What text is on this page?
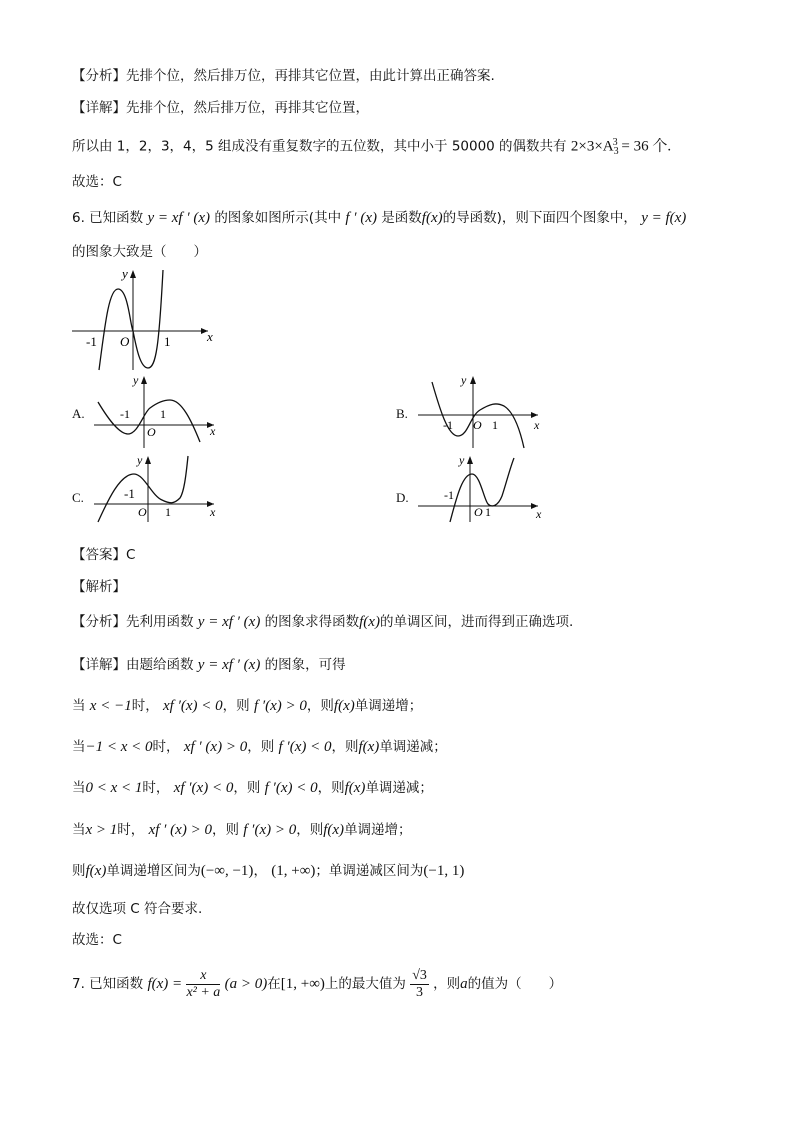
【分析】先排个位，然后排万位，再排其它位置，由此计算出正确答案.
【详解】先排个位，然后排万位，再排其它位置，
所以由 1，2，3，4，5 组成没有重复数字的五位数，其中小于 50000 的偶数共有 $2\times 3\times A_3^3 = 36$ 个.
故选：C
6. 已知函数 y = xf ′ (x) 的图象如图所示(其中 f ′ (x) 是函数f(x)的导函数)，则下面四个图象中， y = f(x)
的图象大致是（　　）
x
y
-1 O	1
A.
x
y
-1
O
1	B.
x
y
-1 O 1
C.
x
y
-1
O 1
D.
x
y
-1
O 1
【答案】C
【解析】
【分析】先利用函数 y = xf ′ (x) 的图象求得函数f(x)的单调区间，进而得到正确选项.
【详解】由题给函数 y = xf ′ (x) 的图象，可得
当 x < −1时， xf ′(x) < 0，则 f ′(x) > 0，则f(x)单调递增；
当−1 < x < 0时， xf ′ (x) > 0，则 f ′(x) < 0，则f(x)单调递减；
当0 < x < 1时， xf ′(x) < 0，则 f ′(x) < 0，则f(x)单调递减；
当x > 1时， xf ′ (x) > 0，则 f ′(x) > 0，则f(x)单调递增；
则f(x)单调递增区间为(−∞, −1)， (1, +∞)；单调递减区间为(−1, 1)
故仅选项 C 符合要求.
故选：C
7. 已知函数 $f(x) = \frac{x}{\text{x² + a}} (a > 0)$在[1, +∞)上的最大值为 $\frac{√3}{3}$ ，则a的值为（　　）
